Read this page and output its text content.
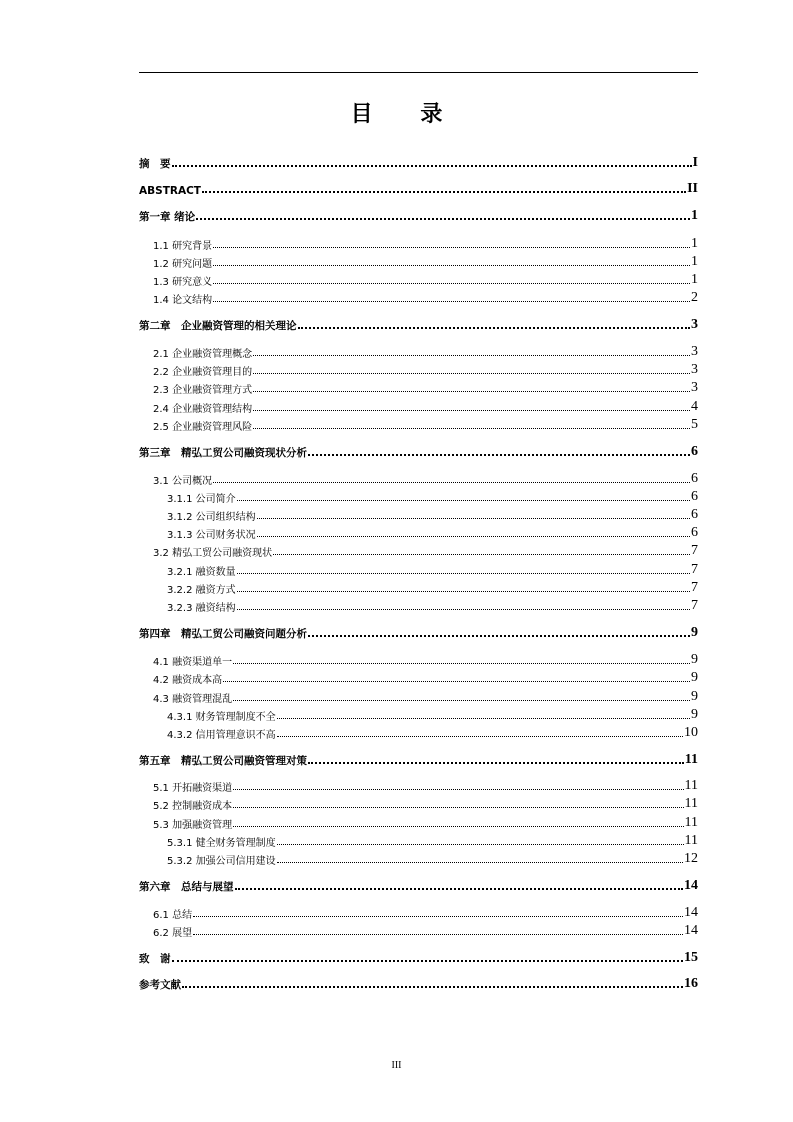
目 录
摘　要	I
ABSTRACT	II
第一章 绪论	1
1.1 研究背景	1
1.2 研究问题	1
1.3 研究意义	1
1.4 论文结构	2
第二章　企业融资管理的相关理论	3
2.1 企业融资管理概念	3
2.2 企业融资管理目的	3
2.3 企业融资管理方式	3
2.4 企业融资管理结构	4
2.5 企业融资管理风险	5
第三章　精弘工贸公司融资现状分析	6
3.1 公司概况	6
3.1.1 公司简介	6
3.1.2 公司组织结构	6
3.1.3 公司财务状况	6
3.2 精弘工贸公司融资现状	7
3.2.1 融资数量	7
3.2.2 融资方式	7
3.2.3 融资结构	7
第四章　精弘工贸公司融资问题分析	9
4.1 融资渠道单一	9
4.2 融资成本高	9
4.3 融资管理混乱	9
4.3.1 财务管理制度不全	9
4.3.2 信用管理意识不高	10
第五章　精弘工贸公司融资管理对策	11
5.1 开拓融资渠道	11
5.2 控制融资成本	11
5.3 加强融资管理	11
5.3.1 健全财务管理制度	11
5.3.2 加强公司信用建设	12
第六章　总结与展望	14
6.1 总结	14
6.2 展望	14
致　谢	15
参考文献	16
III
